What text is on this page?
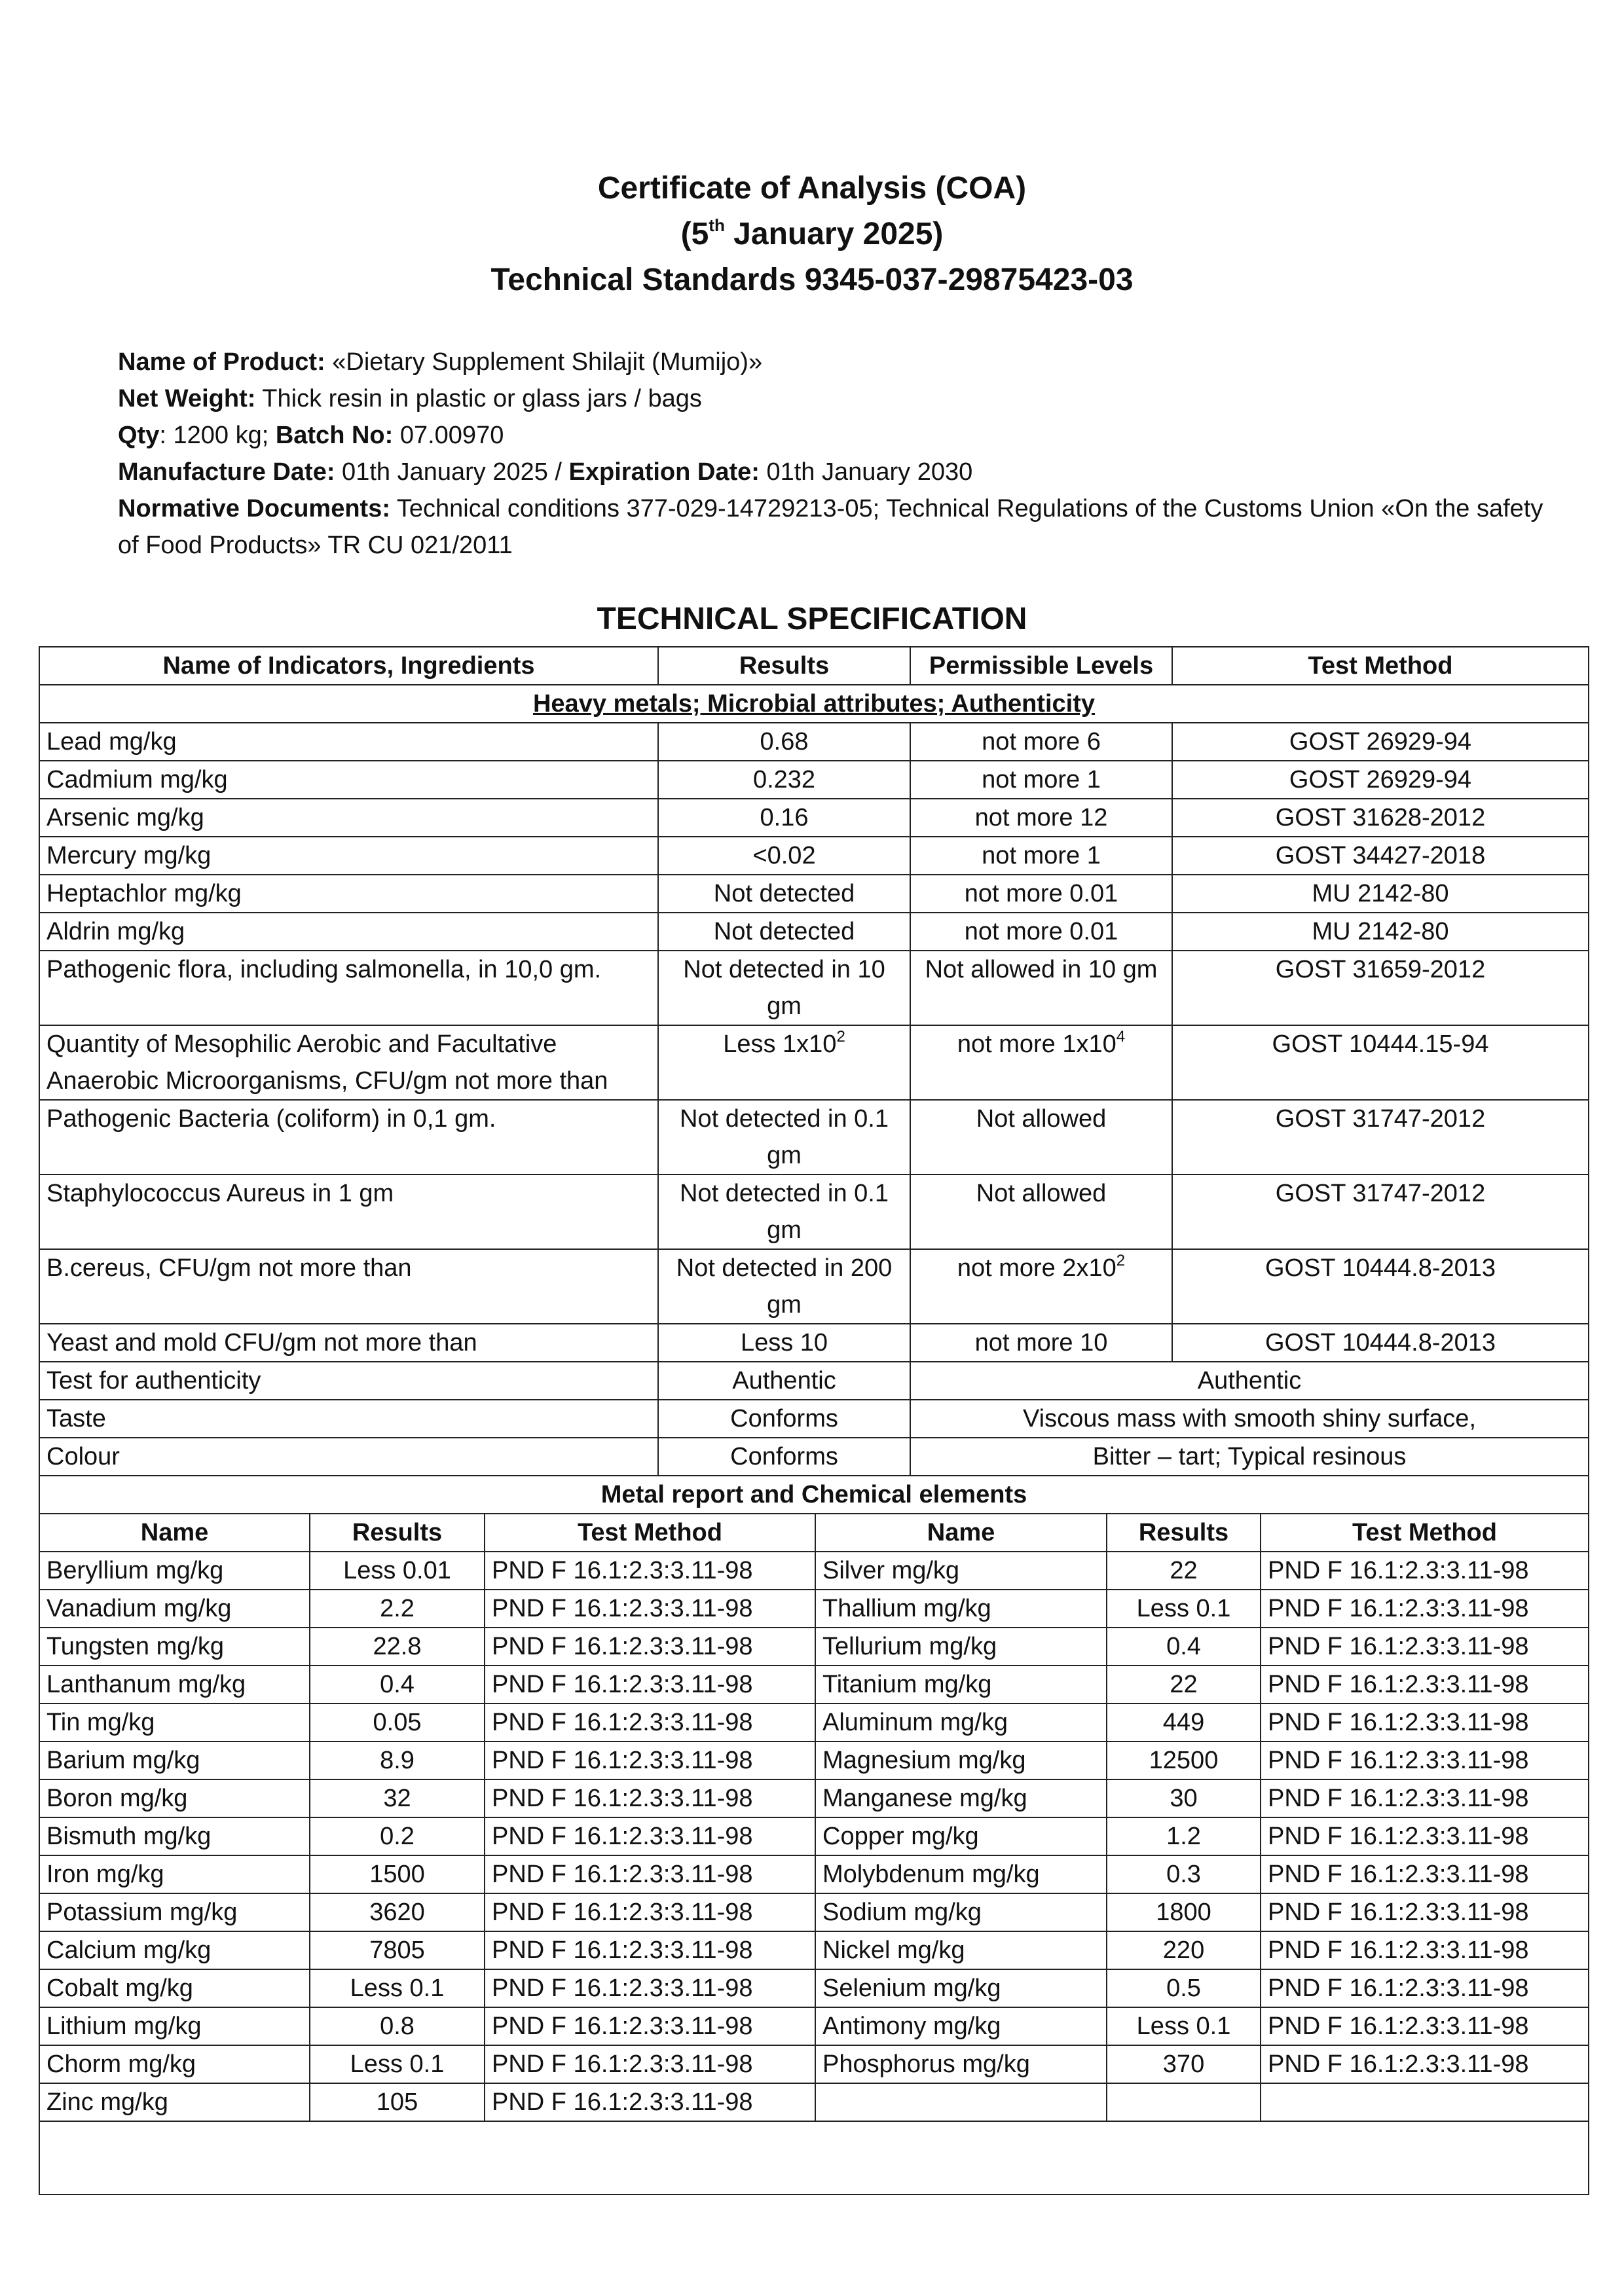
Certificate of Analysis (COA)
(5th January 2025)
Technical Standards 9345-037-29875423-03
Name of Product: «Dietary Supplement Shilajit (Mumijo)»
Net Weight: Thick resin in plastic or glass jars / bags
Qty: 1200 kg; Batch No: 07.00970
Manufacture Date: 01th January 2025 / Expiration Date: 01th January 2030
Normative Documents: Technical conditions 377-029-14729213-05; Technical Regulations of the Customs Union «On the safety of Food Products» TR CU 021/2011
TECHNICAL SPECIFICATION
Name of Indicators, Ingredients	Results	Permissible Levels	Test Method
Heavy metals; Microbial attributes; Authenticity			
Lead mg/kg	0.68	not more 6	GOST 26929-94
Cadmium mg/kg	0.232	not more 1	GOST 26929-94
Arsenic mg/kg	0.16	not more 12	GOST 31628-2012
Mercury mg/kg	<0.02	not more 1	GOST 34427-2018
Heptachlor mg/kg	Not detected	not more 0.01	MU 2142-80
Aldrin mg/kg	Not detected	not more 0.01	MU 2142-80
Pathogenic flora, including salmonella, in 10,0 gm.	Not detected in 10 gm	Not allowed in 10 gm	GOST 31659-2012
Quantity of Mesophilic Aerobic and Facultative Anaerobic Microorganisms, CFU/gm not more than	Less $1x10^2$	not more $1x10^4$	GOST 10444.15-94
Pathogenic Bacteria (coliform) in 0,1 gm.	Not detected in 0.1 gm	Not allowed	GOST 31747-2012
Staphylococcus Aureus in 1 gm	Not detected in 0.1 gm	Not allowed	GOST 31747-2012
B.cereus, CFU/gm not more than	Not detected in 200 gm	not more $2x10^2$	GOST 10444.8-2013
Yeast and mold CFU/gm not more than	Less 10	not more 10	GOST 10444.8-2013
Test for authenticity	Authentic	Authentic	
Taste	Conforms	Viscous mass with smooth shiny surface,	
Colour	Conforms	Bitter – tart; Typical resinous	
Metal report and Chemical elements			
Name	Results	Test Method	Name	Results	Test Method
Beryllium mg/kg	Less 0.01	PND F 16.1:2.3:3.11-98	Silver mg/kg	22	PND F 16.1:2.3:3.11-98
Vanadium mg/kg	2.2	PND F 16.1:2.3:3.11-98	Thallium mg/kg	Less 0.1	PND F 16.1:2.3:3.11-98
Tungsten mg/kg	22.8	PND F 16.1:2.3:3.11-98	Tellurium mg/kg	0.4	PND F 16.1:2.3:3.11-98
Lanthanum mg/kg	0.4	PND F 16.1:2.3:3.11-98	Titanium mg/kg	22	PND F 16.1:2.3:3.11-98
Tin mg/kg	0.05	PND F 16.1:2.3:3.11-98	Aluminum mg/kg	449	PND F 16.1:2.3:3.11-98
Barium mg/kg	8.9	PND F 16.1:2.3:3.11-98	Magnesium mg/kg	12500	PND F 16.1:2.3:3.11-98
Boron mg/kg	32	PND F 16.1:2.3:3.11-98	Manganese mg/kg	30	PND F 16.1:2.3:3.11-98
Bismuth mg/kg	0.2	PND F 16.1:2.3:3.11-98	Copper mg/kg	1.2	PND F 16.1:2.3:3.11-98
Iron mg/kg	1500	PND F 16.1:2.3:3.11-98	Molybdenum mg/kg	0.3	PND F 16.1:2.3:3.11-98
Potassium mg/kg	3620	PND F 16.1:2.3:3.11-98	Sodium mg/kg	1800	PND F 16.1:2.3:3.11-98
Calcium mg/kg	7805	PND F 16.1:2.3:3.11-98	Nickel mg/kg	220	PND F 16.1:2.3:3.11-98
Cobalt mg/kg	Less 0.1	PND F 16.1:2.3:3.11-98	Selenium mg/kg	0.5	PND F 16.1:2.3:3.11-98
Lithium mg/kg	0.8	PND F 16.1:2.3:3.11-98	Antimony mg/kg	Less 0.1	PND F 16.1:2.3:3.11-98
Chorm mg/kg	Less 0.1	PND F 16.1:2.3:3.11-98	Phosphorus mg/kg	370	PND F 16.1:2.3:3.11-98
Zinc mg/kg	105	PND F 16.1:2.3:3.11-98			
